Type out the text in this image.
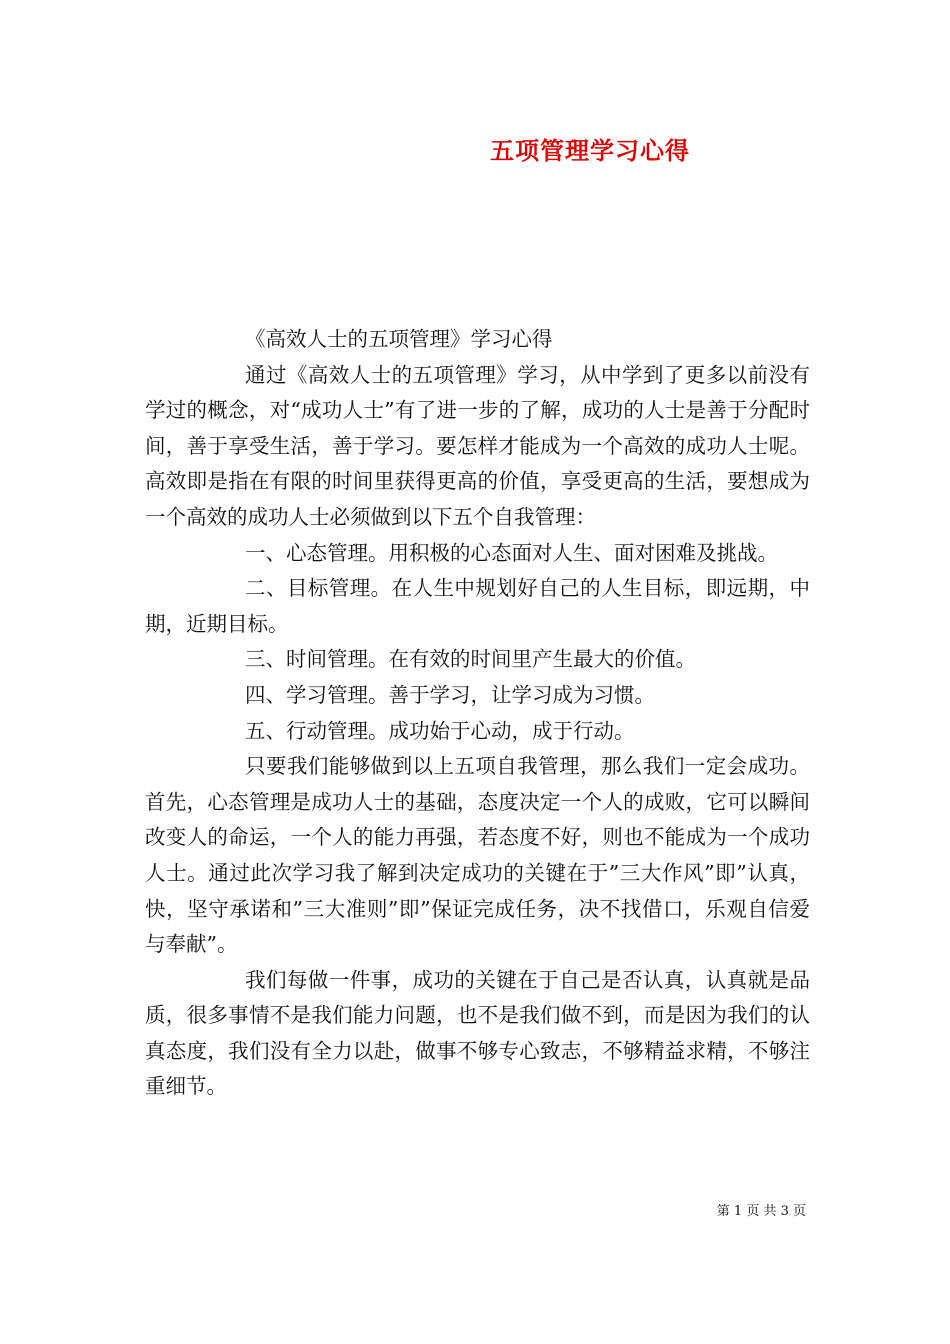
五项管理学习心得

《高效人士的五项管理》学习心得

通过《高效人士的五项管理》学习，从中学到了更多以前没有学过的概念，对“成功人士”有了进一步的了解，成功的人士是善于分配时间，善于享受生活，善于学习。要怎样才能成为一个高效的成功人士呢。高效即是指在有限的时间里获得更高的价值，享受更高的生活，要想成为一个高效的成功人士必须做到以下五个自我管理：

一、心态管理。用积极的心态面对人生、面对困难及挑战。

二、目标管理。在人生中规划好自己的人生目标，即远期，中期，近期目标。

三、时间管理。在有效的时间里产生最大的价值。

四、学习管理。善于学习，让学习成为习惯。

五、行动管理。成功始于心动，成于行动。

只要我们能够做到以上五项自我管理，那么我们一定会成功。首先，心态管理是成功人士的基础，态度决定一个人的成败，它可以瞬间改变人的命运，一个人的能力再强，若态度不好，则也不能成为一个成功人士。通过此次学习我了解到决定成功的关键在于”三大作风”即”认真，快，坚守承诺和”三大准则”即”保证完成任务，决不找借口，乐观自信爱与奉献”。

我们每做一件事，成功的关键在于自己是否认真，认真就是品质，很多事情不是我们能力问题，也不是我们做不到，而是因为我们的认真态度，我们没有全力以赴，做事不够专心致志，不够精益求精，不够注重细节。

第 1 页 共 3 页
